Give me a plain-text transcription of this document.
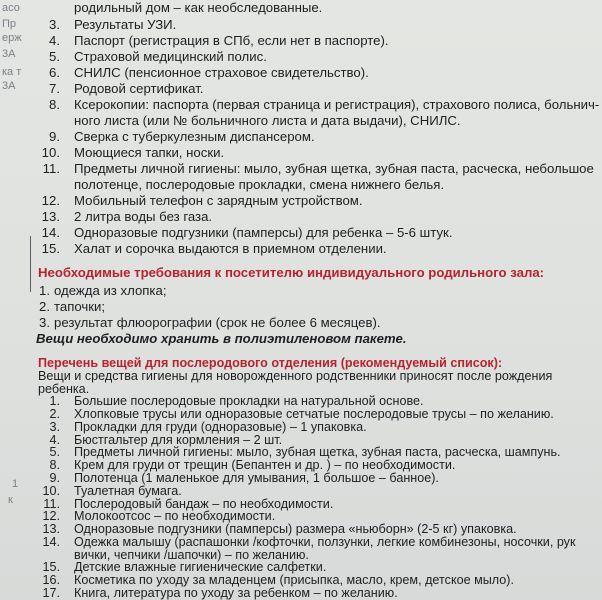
асо
Пр
ерж
3А
ка т
3А
1
к
родильный дом – как необследованные.
3. Результаты УЗИ.
4. Паспорт (регистрация в СПб, если нет в паспорте).
5. Страховой медицинский полис.
6. СНИЛС (пенсионное страховое свидетельство).
7. Родовой сертификат.
8. Ксерокопии: паспорта (первая страница и регистрация), страхового полиса, больнич-
ного листа (или № больничного листа и дата выдачи), СНИЛС.
9. Сверка с туберкулезным диспансером.
10. Моющиеся тапки, носки.
11. Предметы личной гигиены: мыло, зубная щетка, зубная паста, расческа, небольшое
полотенце, послеродовые прокладки, смена нижнего белья.
12. Мобильный телефон с зарядным устройством.
13. 2 литра воды без газа.
14. Одноразовые подгузники (памперсы) для ребенка – 5-6 штук.
15. Халат и сорочка выдаются в приемном отделении.
Необходимые требования к посетителю индивидуального родильного зала:
1. одежда из хлопка;
2. тапочки;
3. результат флюорографии (срок не более 6 месяцев).
Вещи необходимо хранить в полиэтиленовом пакете.
Перечень вещей для послеродового отделения (рекомендуемый список):
Вещи и средства гигиены для новорожденного родственники приносят после рождения
ребенка.
1. Большие послеродовые прокладки на натуральной основе.
2. Хлопковые трусы или одноразовые сетчатые послеродовые трусы – по желанию.
3. Прокладки для груди (одноразовые) – 1 упаковка.
4. Бюстгальтер для кормления – 2 шт.
5. Предметы личной гигиены: мыло, зубная щетка, зубная паста, расческа, шампунь.
8. Крем для груди от трещин (Бепантен и др. ) – по необходимости.
9. Полотенца (1 маленькое для умывания, 1 большое – банное).
10. Туалетная бумага.
11. Послеродовый бандаж – по необходимости.
12. Молокоотсос – по необходимости.
13. Одноразовые подгузники (памперсы) размера «ньюборн» (2-5 кг) упаковка.
14. Одежка малышу (распашонки /кофточки, ползунки, легкие комбинезоны, носочки, рук
вички, чепчики /шапочки) – по желанию.
15. Детские влажные гигиенические салфетки.
16. Косметика по уходу за младенцем (присыпка, масло, крем, детское мыло).
17. Книга, литература по уходу за ребенком – по желанию.
